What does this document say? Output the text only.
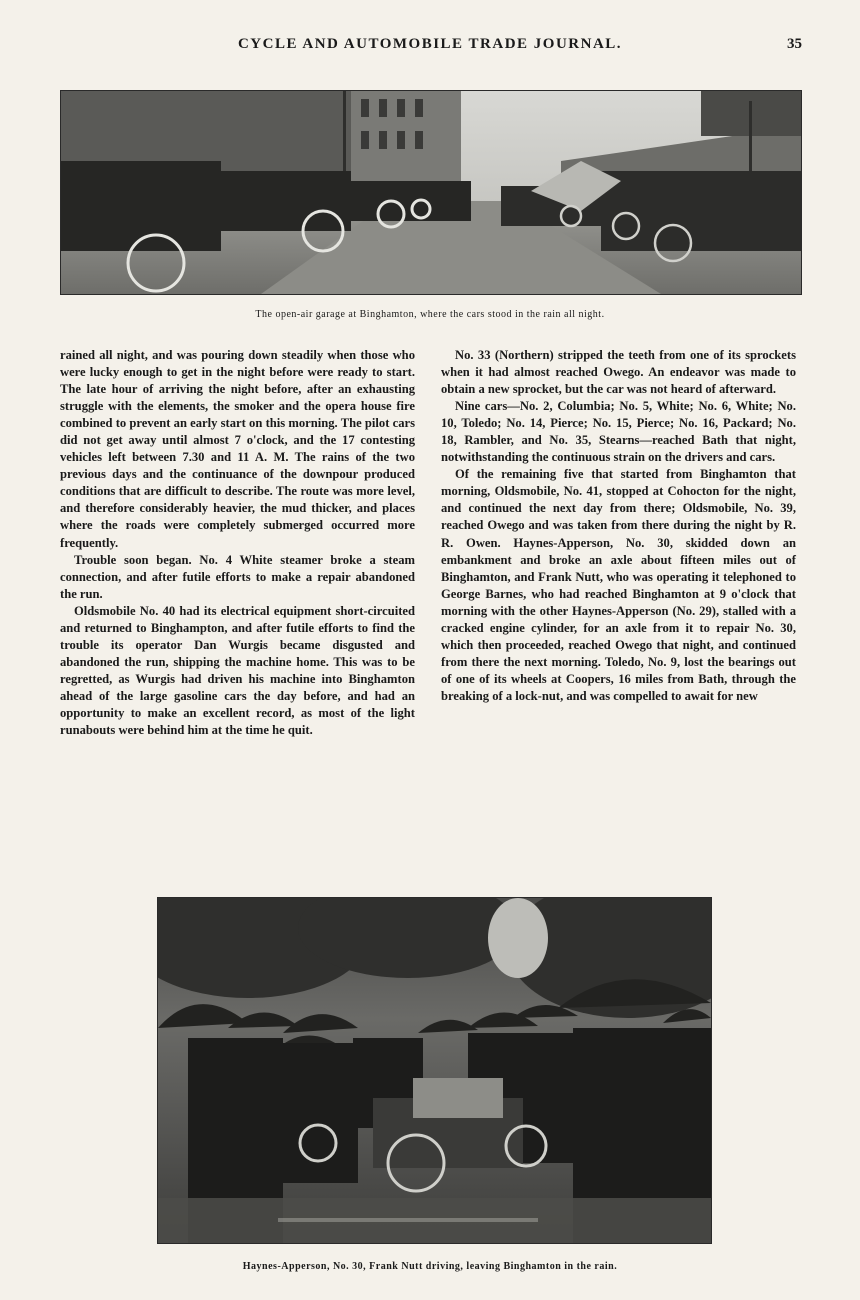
CYCLE AND AUTOMOBILE TRADE JOURNAL.	35
The open-air garage at Binghamton, where the cars stood in the rain all night.

rained all night, and was pouring down steadily when those who were lucky enough to get in the night before were ready to start. The late hour of arriving the night before, after an exhausting struggle with the elements, the smoker and the opera house fire combined to prevent an early start on this morning. The pilot cars did not get away until almost 7 o'clock, and the 17 contesting vehicles left between 7.30 and 11 A. M. The rains of the two previous days and the continuance of the downpour produced conditions that are difficult to describe. The route was more level, and therefore considerably heavier, the mud thicker, and places where the roads were completely submerged occurred more frequently.

Trouble soon began. No. 4 White steamer broke a steam connection, and after futile efforts to make a repair abandoned the run.

Oldsmobile No. 40 had its electrical equipment short-circuited and returned to Binghampton, and after futile efforts to find the trouble its operator Dan Wurgis became disgusted and abandoned the run, shipping the machine home. This was to be regretted, as Wurgis had driven his machine into Binghamton ahead of the large gasoline cars the day before, and had an opportunity to make an excellent record, as most of the light runabouts were behind him at the time he quit.

No. 33 (Northern) stripped the teeth from one of its sprockets when it had almost reached Owego. An endeavor was made to obtain a new sprocket, but the car was not heard of afterward.

Nine cars—No. 2, Columbia; No. 5, White; No. 6, White; No. 10, Toledo; No. 14, Pierce; No. 15, Pierce; No. 16, Packard; No. 18, Rambler, and No. 35, Stearns—reached Bath that night, notwithstanding the continuous strain on the drivers and cars.

Of the remaining five that started from Binghamton that morning, Oldsmobile, No. 41, stopped at Cohocton for the night, and continued the next day from there; Oldsmobile, No. 39, reached Owego and was taken from there during the night by R. R. Owen. Haynes-Apperson, No. 30, skidded down an embankment and broke an axle about fifteen miles out of Binghamton, and Frank Nutt, who was operating it telephoned to George Barnes, who had reached Binghamton at 9 o'clock that morning with the other Haynes-Apperson (No. 29), stalled with a cracked engine cylinder, for an axle from it to repair No. 30, which then proceeded, reached Owego that night, and continued from there the next morning. Toledo, No. 9, lost the bearings out of one of its wheels at Coopers, 16 miles from Bath, through the breaking of a lock-nut, and was compelled to await for new

Haynes-Apperson, No. 30, Frank Nutt driving, leaving Binghamton in the rain.
